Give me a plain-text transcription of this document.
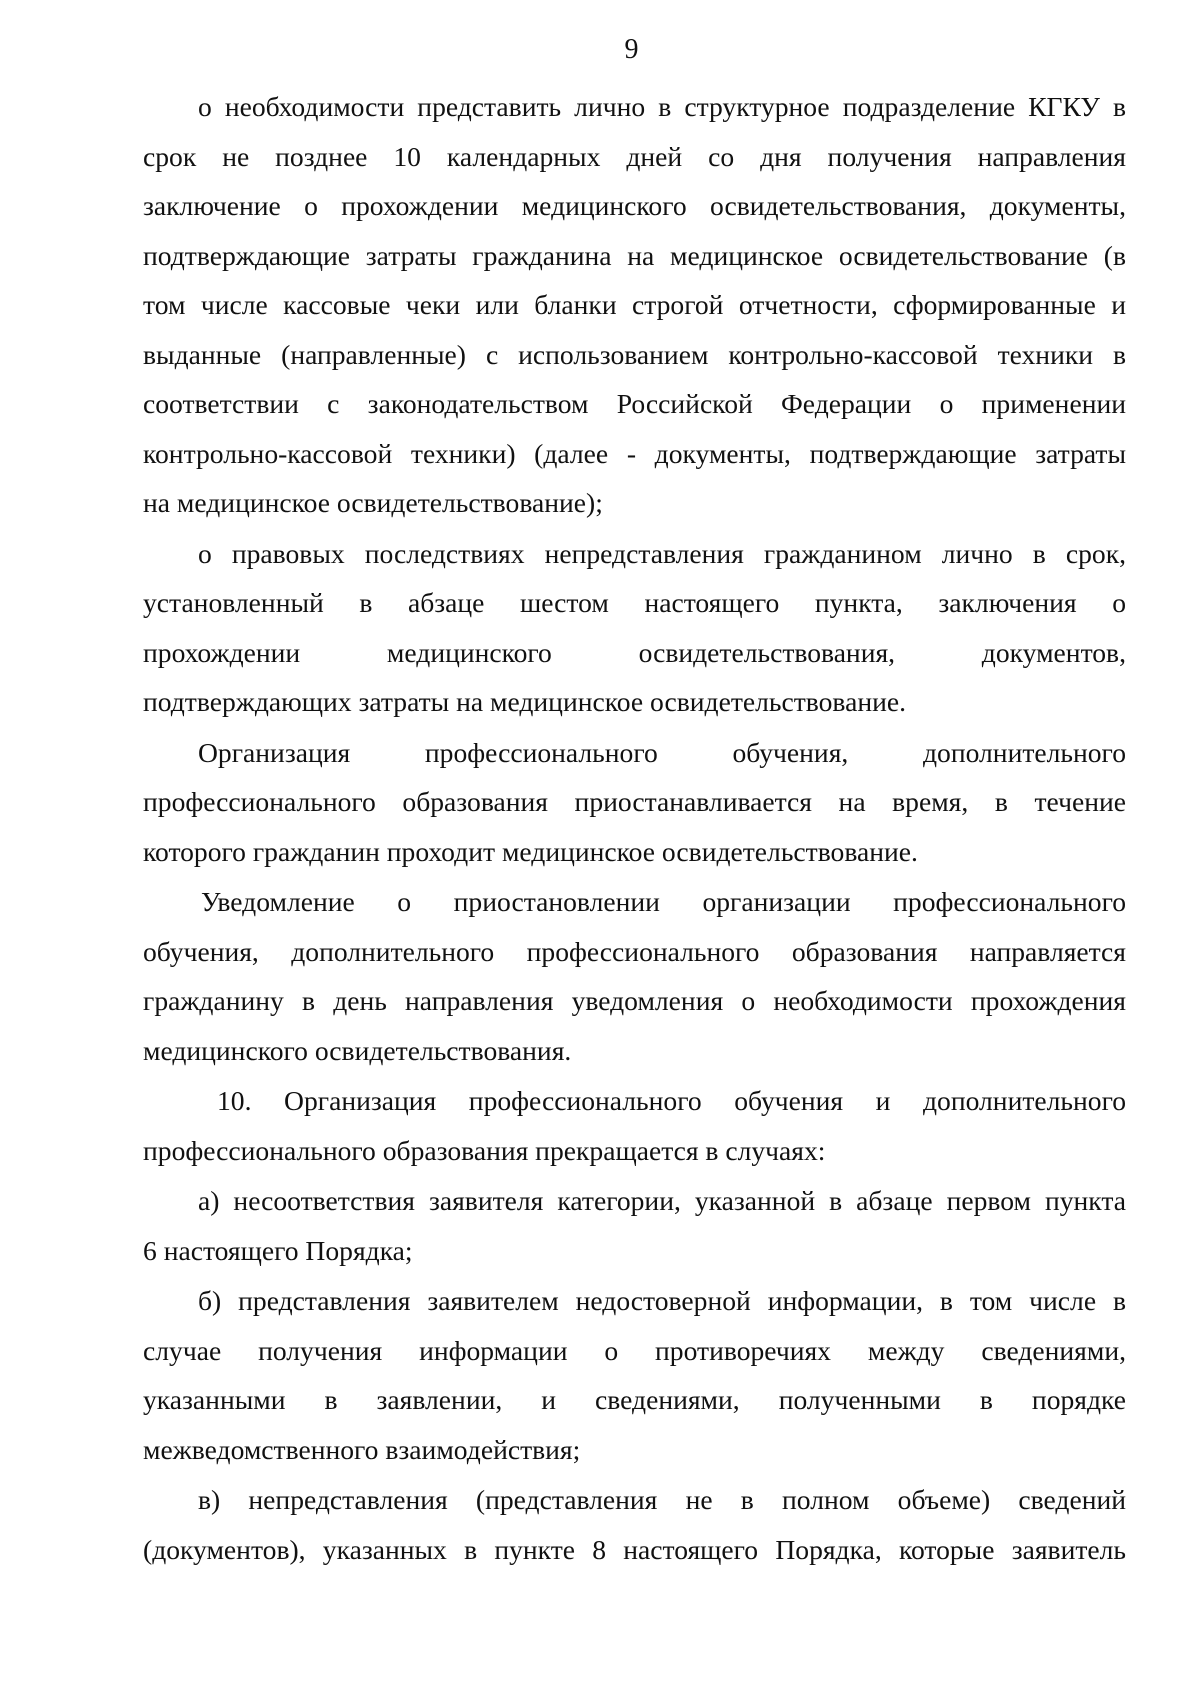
9
о необходимости представить лично в структурное подразделение КГКУ в
срок не позднее 10 календарных дней со дня получения направления
заключение о прохождении медицинского освидетельствования, документы,
подтверждающие затраты гражданина на медицинское освидетельствование (в
том числе кассовые чеки или бланки строгой отчетности, сформированные и
выданные (направленные) с использованием контрольно-кассовой техники в
соответствии с законодательством Российской Федерации о применении
контрольно-кассовой техники) (далее - документы, подтверждающие затраты
на медицинское освидетельствование);
о правовых последствиях непредставления гражданином лично в срок,
установленный в абзаце шестом настоящего пункта, заключения о
прохождении медицинского освидетельствования, документов,
подтверждающих затраты на медицинское освидетельствование.
Организация профессионального обучения, дополнительного
профессионального образования приостанавливается на время, в течение
которого гражданин проходит медицинское освидетельствование.
Уведомление о приостановлении организации профессионального
обучения, дополнительного профессионального образования направляется
гражданину в день направления уведомления о необходимости прохождения
медицинского освидетельствования.
10. Организация профессионального обучения и дополнительного
профессионального образования прекращается в случаях:
а) несоответствия заявителя категории, указанной в абзаце первом пункта
6 настоящего Порядка;
б) представления заявителем недостоверной информации, в том числе в
случае получения информации о противоречиях между сведениями,
указанными в заявлении, и сведениями, полученными в порядке
межведомственного взаимодействия;
в) непредставления (представления не в полном объеме) сведений
(документов), указанных в пункте 8 настоящего Порядка, которые заявитель
